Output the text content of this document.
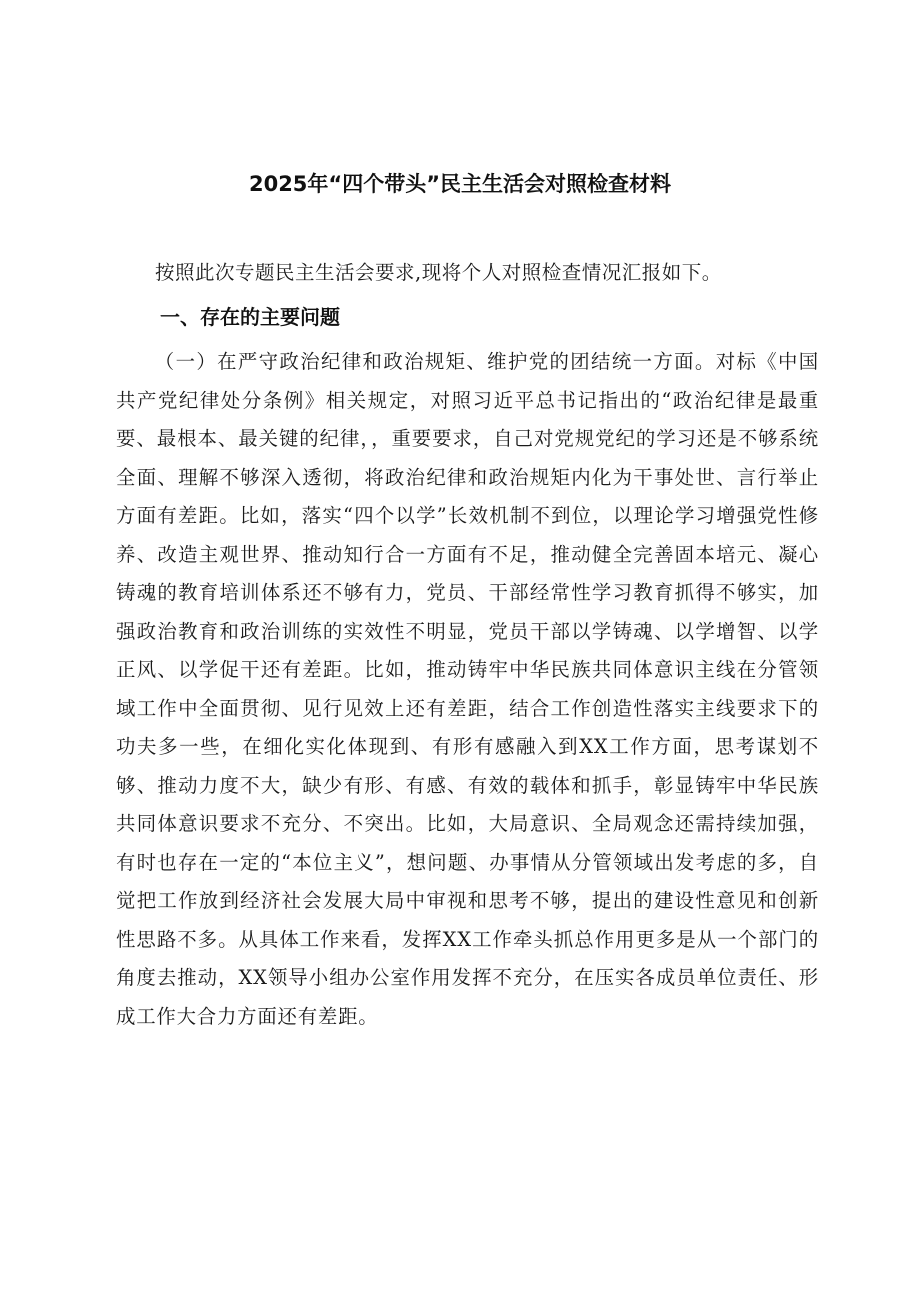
2025年“四个带头”民主生活会对照检查材料
按照此次专题民主生活会要求,现将个人对照检查情况汇报如下。
一、存在的主要问题
（一）在严守政治纪律和政治规矩、维护党的团结统一方面。对标《中国共产党纪律处分条例》相关规定，对照习近平总书记指出的“政治纪律是最重要、最根本、最关键的纪律，，重要要求，自己对党规党纪的学习还是不够系统全面、理解不够深入透彻，将政治纪律和政治规矩内化为干事处世、言行举止方面有差距。比如，落实“四个以学”长效机制不到位，以理论学习增强党性修养、改造主观世界、推动知行合一方面有不足，推动健全完善固本培元、凝心铸魂的教育培训体系还不够有力，党员、干部经常性学习教育抓得不够实，加强政治教育和政治训练的实效性不明显，党员干部以学铸魂、以学增智、以学正风、以学促干还有差距。比如，推动铸牢中华民族共同体意识主线在分管领域工作中全面贯彻、见行见效上还有差距，结合工作创造性落实主线要求下的功夫多一些，在细化实化体现到、有形有感融入到XX工作方面，思考谋划不够、推动力度不大，缺少有形、有感、有效的载体和抓手，彰显铸牢中华民族共同体意识要求不充分、不突出。比如，大局意识、全局观念还需持续加强，有时也存在一定的“本位主义”，想问题、办事情从分管领域出发考虑的多，自觉把工作放到经济社会发展大局中审视和思考不够，提出的建设性意见和创新性思路不多。从具体工作来看，发挥XX工作牵头抓总作用更多是从一个部门的角度去推动，XX领导小组办公室作用发挥不充分，在压实各成员单位责任、形成工作大合力方面还有差距。
